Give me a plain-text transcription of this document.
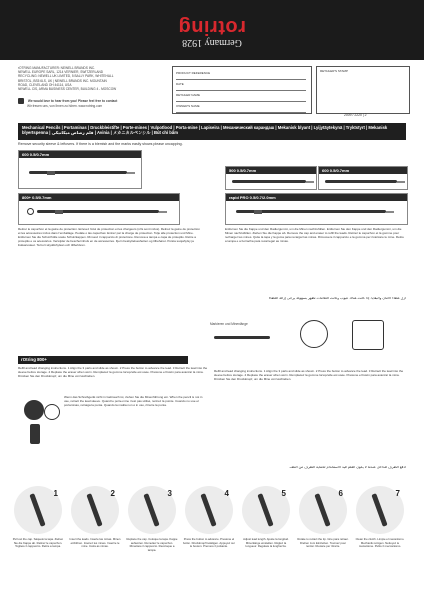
Germany 1928
rotring
rOTRING MANUFACTURER: NEWELL BRANDS INC.
NEWELL EUROPE SARL, 1214 VERNIER, SWITZERLAND
RECYCLING: NEWELL UK LIMITED, 5 BALLY PARK, WHITEHALL
BRISTOL, BS5 6LS, UK | NEWELL BRANDS INC. MOUNTAIN
ROAD, CLEVELAND OH 44114, USA
NEWELL CIS, ARMA BUSINESS CENTER, BUILDING 4 - MOSCOW
We would love to hear from you! Please feel free to contact
Wir freuen uns, von Ihnen zu hören. www.rotring.com
PRODUCT REFERENCE
DATE
RETAILER NAME
OWNER'S NAME
RETAILER'S STAMP
2009 / 2220 | 2
Mechanical Pencils | Portaminas | Druckbleistifte | Porte-mines | Vulpotlood | Porta-mine | Lapiseira | Механический карандаш | Mekanisk blyant | Lyijytäytekynä | Tryktstyrt | Mekanisk
blyertspenna | قلم رصاص ميكانيكي | Avinia | メカニカルペンシル | Bút chì bấm
Remove security sleeve & leftovers. If there is a blemish and the marks easily shows please uncapping.
600 0.5/0.7mm
500 0.5/0.7mm	600 0.5/0.7mm
800+ 0.5/0.7mm	rapid PRO 0.5/0.7/2.0mm
Retirer le capuchon et la gaine de protection. Enlevez l'étui de protection et les chargeurs (s'ils sont inclus). Retirez la gaine de protection et les accessoires inclus dans l'emballage. Pedale o las capuchas: Entrez par la charge de protection. Tolje alle protection und Mine. Entfernen Sie die Schutzhülle sowie Schutzkappen. Rimuovi il cappuccio di protezione. Remova a tampa e capa de proteção. Retire a proteção e os acessórios. Verwijder de beschermhuls en de accessoires. Fjern beskyttelseshetten og tilbehøret. Poista suojahylsy ja lisävarusteet. Ta bort skyddshylsan och tillbehören.
Entfernen Sie die Kappe und den Radiergummi, um die Minen nachzufüllen. Entfernen Sie den Kappe und den Radiergummi, um die Minen nachzufüllen. Ziehen Sie die Kappe ab. Remove the cap and eraser to refill the leads. Retirez le capuchon et la gomme pour recharger les mines. Quite la tapa y la goma para recargar las minas. Rimuovere il cappuccio e la gomma per ricaricare le mine. Retire a tampa e a borracha para recarregar as minas.
أزل غطاء الأمان والبقايا. إذا كانت هناك عيوب وكانت العلامات تظهر بسهولة يرجى إزالة الغطاء
Markieren und Minenlänge
rOtring 800+
Refill and lead changing instructions. 1 Align the 3 parts and slide as shown. 2 Press the button to advance the lead. 3 Retract the lead into the sleeve before storage. 4 Replace the eraser when worn. Remplacez la gomme lorsqu'elle est usée. Presione el botón para avanzar la mina. Drücken Sie den Druckknopf, um die Mine vorzuschieben.
Wenn das Schreibgerät nicht in Gebrauch ist, ziehen Sie die Minenführung ein. When the pencil is not in use, retract the lead sleeve. Quand le porte-mine n'est pas utilisé, rentrez la pointe. Cuando no use el portaminas, retraiga la punta. Quando la matita non è in uso, ritrarre la punta.
Refill and lead changing instructions. 1 Align the 3 parts and slide as shown. 2 Press the button to advance the lead. 3 Retract the lead into the sleeve before storage. 4 Replace the eraser when worn. Remplacez la gomme lorsqu'elle est usée. Presione el botón para avanzar la mina. Drücken Sie den Druckknopf, um die Mine vorzuschieben.
ادفع الطرف للداخل عندما لا يكون القلم قيد الاستخدام لحماية الطرف من التلف
1	2	3	4	5	6	7
Pull out the cap. Sáquelo la tapa. Ziehen Sie die Kappe ab. Retirez le capuchon. Togliere il cappuccio. Retire a tampa.
Insert the leads. Inserte las minas. Minen einführen. Insérez les mines. Inserire le mine. Insira as minas.
Replace the cap. Coloque la tapa. Kappe aufsetzen. Remettez le capuchon. Rimettere il cappuccio. Recoloque a tampa.
Press the button to advance. Presione el botón. Druckknopf betätigen. Appuyez sur le bouton. Premere il pulsante.
Adjust lead length. Ajuste la longitud. Minenlänge einstellen. Réglez la longueur. Regolare la lunghezza.
Rotate to retract the tip. Gire para retraer. Drehen zum Einziehen. Tournez pour rentrer. Ruotare per ritrarre.
Clean the clutch. Limpie el mecanismo. Mechanik reinigen. Nettoyez le mécanisme. Pulire il meccanismo.
